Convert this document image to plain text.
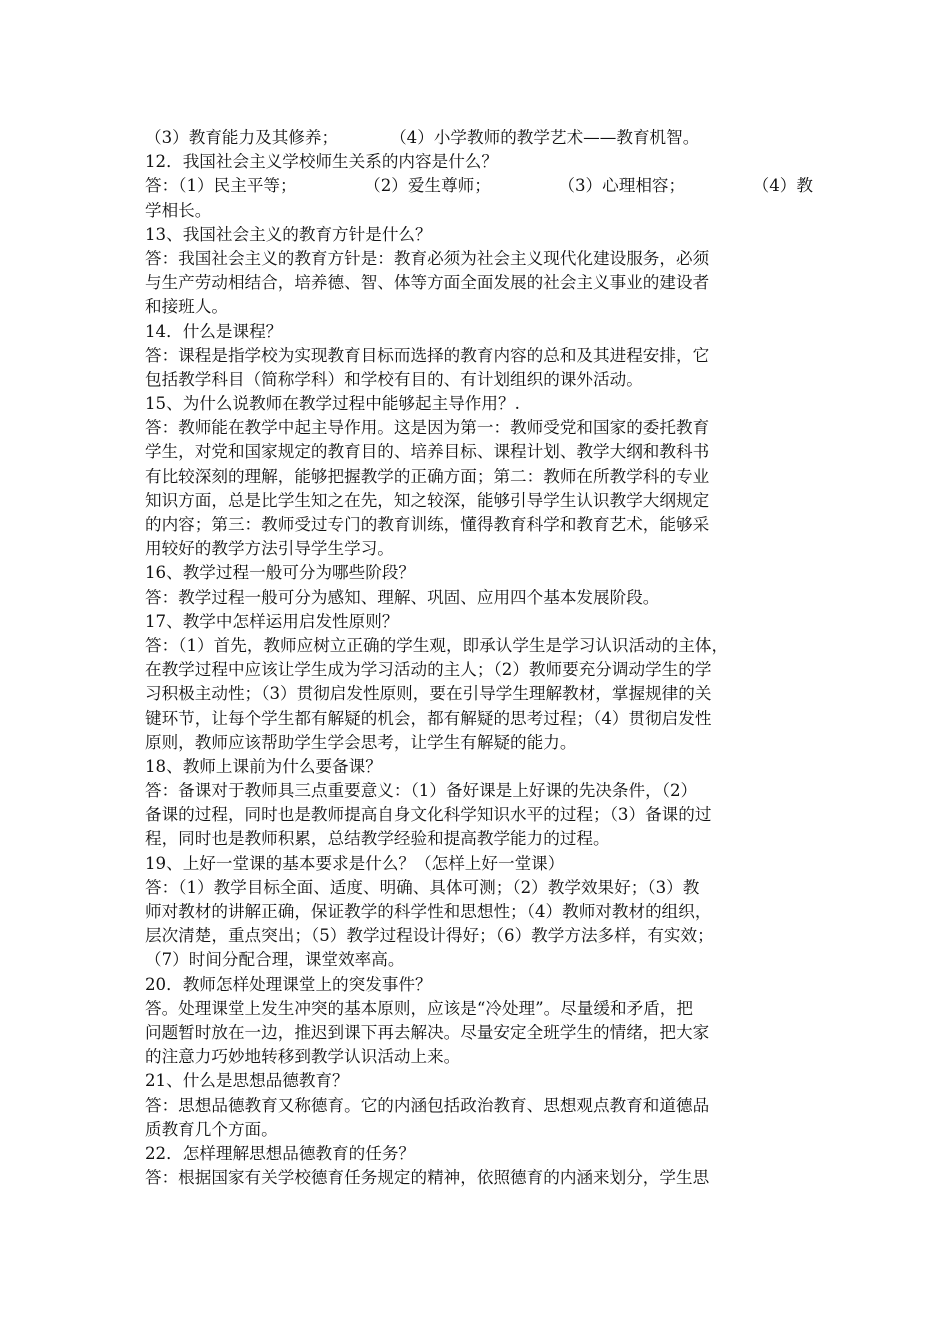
（3）教育能力及其修养；	（4）小学教师的教学艺术——教育机智。
12．我国社会主义学校师生关系的内容是什么？
答：（1）民主平等；	（2）爱生尊师；	（3）心理相容；	（4）教
学相长。
13、我国社会主义的教育方针是什么？
答：我国社会主义的教育方针是：教育必须为社会主义现代化建设服务，必须
与生产劳动相结合，培养德、智、体等方面全面发展的社会主义事业的建设者
和接班人。
14．什么是课程？
答：课程是指学校为实现教育目标而选择的教育内容的总和及其进程安排，它
包括教学科目（简称学科）和学校有目的、有计划组织的课外活动。
15、为什么说教师在教学过程中能够起主导作用？.
答：教师能在教学中起主导作用。这是因为第一：教师受党和国家的委托教育
学生，对党和国家规定的教育目的、培养目标、课程计划、教学大纲和教科书
有比较深刻的理解，能够把握教学的正确方面；第二：教师在所教学科的专业
知识方面，总是比学生知之在先，知之较深，能够引导学生认识教学大纲规定
的内容；第三：教师受过专门的教育训练，懂得教育科学和教育艺术，能够采
用较好的教学方法引导学生学习。
16、教学过程一般可分为哪些阶段？
答：教学过程一般可分为感知、理解、巩固、应用四个基本发展阶段。
17、教学中怎样运用启发性原则？
答：（1）首先，教师应树立正确的学生观，即承认学生是学习认识活动的主体，
在教学过程中应该让学生成为学习活动的主人；（2）教师要充分调动学生的学
习积极主动性；（3）贯彻启发性原则，要在引导学生理解教材，掌握规律的关
键环节，让每个学生都有解疑的机会，都有解疑的思考过程；（4）贯彻启发性
原则，教师应该帮助学生学会思考，让学生有解疑的能力。
18、教师上课前为什么要备课？
答：备课对于教师具三点重要意义：（1）备好课是上好课的先决条件，（2）
备课的过程，同时也是教师提高自身文化科学知识水平的过程；（3）备课的过
程，同时也是教师积累，总结教学经验和提高教学能力的过程。
19、上好一堂课的基本要求是什么？（怎样上好一堂课）
答：（1）教学目标全面、适度、明确、具体可测；（2）教学效果好；（3）教
师对教材的讲解正确，保证教学的科学性和思想性；（4）教师对教材的组织，
层次清楚，重点突出；（5）教学过程设计得好；（6）教学方法多样，有实效；
（7）时间分配合理，课堂效率高。
20．教师怎样处理课堂上的突发事件？
答。处理课堂上发生冲突的基本原则，应该是“冷处理”。尽量缓和矛盾，把
问题暂时放在一边，推迟到课下再去解决。尽量安定全班学生的情绪，把大家
的注意力巧妙地转移到教学认识活动上来。
21、什么是思想品德教育？
答：思想品德教育又称德育。它的内涵包括政治教育、思想观点教育和道德品
质教育几个方面。
22．怎样理解思想品德教育的任务？
答：根据国家有关学校德育任务规定的精神，依照德育的内涵来划分，学生思
